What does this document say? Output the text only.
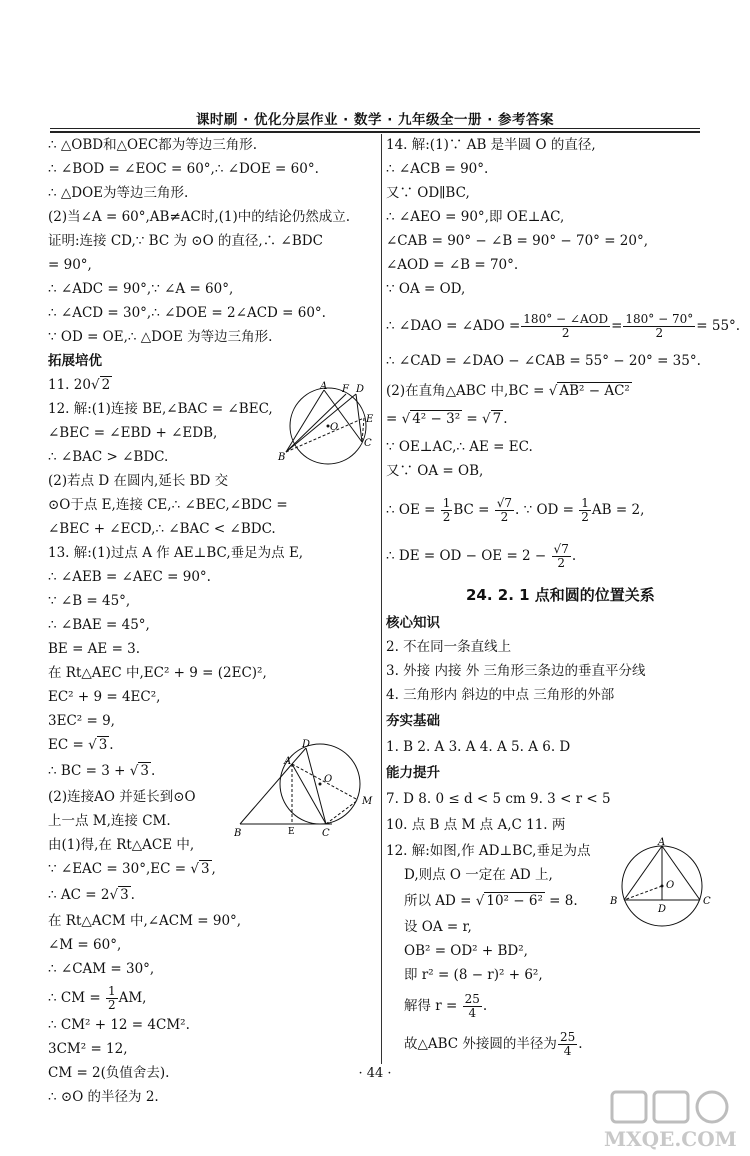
课时刷 · 优化分层作业 · 数学 · 九年级全一册 · 参考答案
∴ △OBD和△OEC都为等边三角形.
∴ ∠BOD = ∠EOC = 60°,∴ ∠DOE = 60°.
∴ △DOE为等边三角形.
(2)当∠A = 60°,AB≠AC时,(1)中的结论仍然成立.
证明:连接 CD,∵ BC 为 ⊙O 的直径,∴ ∠BDC
= 90°,
∴ ∠ADC = 90°,∵ ∠A = 60°,
∴ ∠ACD = 30°,∴ ∠DOE = 2∠ACD = 60°.
∵ OD = OE,∴ △DOE 为等边三角形.
拓展培优
11. 20√ 2
12. 解:(1)连接 BE,∠BAC = ∠BEC,
∠BEC = ∠EBD + ∠EDB,
∴ ∠BAC > ∠BDC.
(2)若点 D 在圆内,延长 BD 交
⊙O于点 E,连接 CE,∴ ∠BEC,∠BDC =
∠BEC + ∠ECD,∴ ∠BAC < ∠BDC.
13. 解:(1)过点 A 作 AE⊥BC,垂足为点 E,
∴ ∠AEB = ∠AEC = 90°.
∵ ∠B = 45°,
∴ ∠BAE = 45°,
BE = AE = 3.
在 Rt△AEC 中,EC² + 9 = (2EC)²,
EC² + 9 = 4EC²,
3EC² = 9,
EC = √ 3 .
∴ BC = 3 + √ 3 .
(2)连接AO 并延长到⊙O
上一点 M,连接 CM.
由(1)得,在 Rt△ACE 中,
∵ ∠EAC = 30°,EC = √ 3 ,
∴ AC = 2√ 3 .
在 Rt△ACM 中,∠ACM = 90°,
∠M = 60°,
∴ ∠CAM = 30°,
∴ CM = $\frac{1}{2}$ AM,
∴ CM² + 12 = 4CM².
3CM² = 12,
CM = 2(负值舍去).
∴ ⊙O 的半径为 2.
A F D
E
C
B
O
B	E	C
A
D
O
M
14. 解:(1)∵ AB 是半圆 O 的直径,
∴ ∠ACB = 90°.
又∵ OD∥BC,
∴ ∠AEO = 90°,即 OE⊥AC,
∠CAB = 90° − ∠B = 90° − 70° = 20°,
∠AOD = ∠B = 70°.
∵ OA = OD,
∴ ∠DAO = ∠ADO = $\frac{\text{180° − ∠AOD}}{2} = \frac{180^\circ - 70^\circ}{2} = 55^\circ$.
∴ ∠CAD = ∠DAO − ∠CAB = 55° − 20° = 35°.
(2)在直角△ABC 中,BC = √ AB² − AC²
= √ 4² − 3² = √ 7 .
∵ OE⊥AC,∴ AE = EC.
又∵ OA = OB,
∴ OE = $\frac{1}{2}$ BC = $\frac{√7}{2}$ . ∵ OD = $\frac{1}{2}$ AB = 2,
∴ DE = OD − OE = $2 - \frac{√7}{2}$ .
24. 2. 1 点和圆的位置关系
核心知识
2. 不在同一条直线上
3. 外接 内接 外 三角形三条边的垂直平分线
4. 三角形内 斜边的中点 三角形的外部
夯实基础
1. B 2. A 3. A 4. A 5. A 6. D
能力提升
7. D 8. 0 ≤ d < 5 cm 9. 3 < r < 5
10. 点 B 点 M 点 A,C 11. 两
12. 解:如图,作 AD⊥BC,垂足为点
D,则点 O 一定在 AD 上,
所以 AD = √ 10² − 6² = 8.
设 OA = r,
OB² = OD² + BD²,
即 r² = (8 − r)² + 6²,
解得 $r = \frac{25}{4}$ .
故△ABC 外接圆的半径为 $\frac{25}{4}$ .
A
B	C
D
O
· 44 ·
MXQE.COM
